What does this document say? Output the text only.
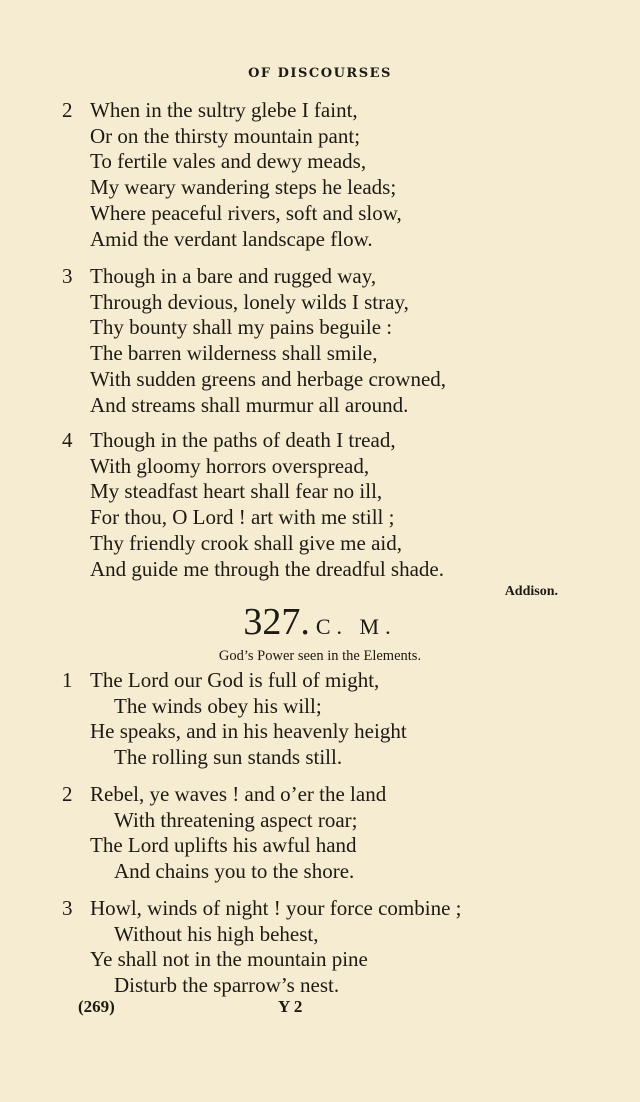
OF DISCOURSES
2 When in the sultry glebe I faint,
Or on the thirsty mountain pant;
To fertile vales and dewy meads,
My weary wandering steps he leads;
Where peaceful rivers, soft and slow,
Amid the verdant landscape flow.
3 Though in a bare and rugged way,
Through devious, lonely wilds I stray,
Thy bounty shall my pains beguile :
The barren wilderness shall smile,
With sudden greens and herbage crowned,
And streams shall murmur all around.
4 Though in the paths of death I tread,
With gloomy horrors overspread,
My steadfast heart shall fear no ill,
For thou, O Lord ! art with me still ;
Thy friendly crook shall give me aid,
And guide me through the dreadful shade.
Addison.
327. C. M.
God’s Power seen in the Elements.
1 The Lord our God is full of might,
The winds obey his will;
He speaks, and in his heavenly height
The rolling sun stands still.
2 Rebel, ye waves ! and o’er the land
With threatening aspect roar;
The Lord uplifts his awful hand
And chains you to the shore.
3 Howl, winds of night ! your force combine ;
Without his high behest,
Ye shall not in the mountain pine
Disturb the sparrow’s nest.
(269)	Y 2
